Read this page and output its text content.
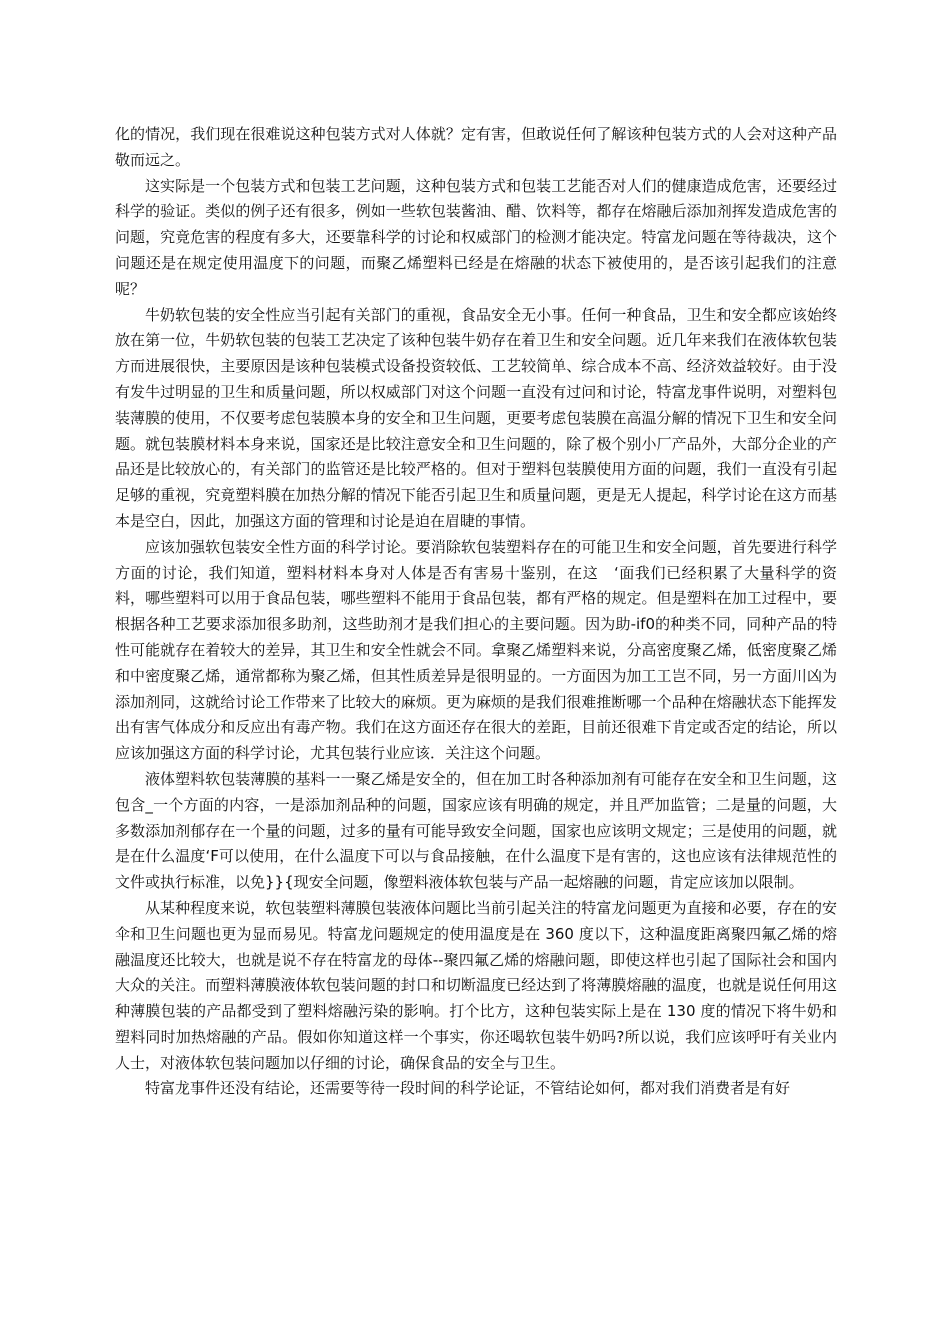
化的情况，我们现在很难说这种包装方式对人体就？定有害，但敢说任何了解该种包装方式的人会对这种产品敬而远之。

这实际是一个包装方式和包装工艺问题，这种包装方式和包装工艺能否对人们的健康造成危害，还要经过科学的验证。类似的例子还有很多，例如一些软包装酱油、醋、饮料等，都存在熔融后添加剂挥发造成危害的问题，究竟危害的程度有多大，还要靠科学的讨论和权威部门的检测才能决定。特富龙问题在等待裁决，这个问题还是在规定使用温度下的问题，而聚乙烯塑料已经是在熔融的状态下被使用的，是否该引起我们的注意呢？

牛奶软包装的安全性应当引起有关部门的重视，食品安全无小事。任何一种食品，卫生和安全都应该始终放在第一位，牛奶软包装的包装工艺决定了该种包装牛奶存在着卫生和安全问题。近几年来我们在液体软包装方而进展很快，主要原因是该种包装模式设备投资较低、工艺较简单、综合成本不高、经济效益较好。由于没有发牛过明显的卫生和质量问题，所以权威部门对这个问题一直没有过问和讨论，特富龙事件说明，对塑料包装薄膜的使用，不仅要考虑包装膜本身的安全和卫生问题，更要考虑包装膜在高温分解的情况下卫生和安全问题。就包装膜材料本身来说，国家还是比较注意安全和卫生问题的，除了极个别小厂产品外，大部分企业的产品还是比较放心的，有关部门的监管还是比较严格的。但对于塑料包装膜使用方面的问题，我们一直没有引起足够的重视，究竟塑料膜在加热分解的情况下能否引起卫生和质量问题，更是无人提起，科学讨论在这方而基本是空白，因此，加强这方面的管理和讨论是迫在眉睫的事情。

应该加强软包装安全性方面的科学讨论。要消除软包装塑料存在的可能卫生和安全问题，首先要进行科学方面的讨论，我们知道，塑料材料本身对人体是否有害易十鉴别，在这　‘面我们已经积累了大量科学的资料，哪些塑料可以用于食品包装，哪些塑料不能用于食品包装，都有严格的规定。但是塑料在加工过程中，要根据各种工艺要求添加很多助剂，这些助剂才是我们担心的主要问题。因为助-if0的种类不同，同种产品的特性可能就存在着较大的差异，其卫生和安全性就会不同。拿聚乙烯塑料来说，分高密度聚乙烯，低密度聚乙烯和中密度聚乙烯，通常都称为聚乙烯，但其性质差异是很明显的。一方面因为加工工岂不同，另一方面川凶为添加剂同，这就给讨论工作带来了比较大的麻烦。更为麻烦的是我们很难推断哪一个品种在熔融状态下能挥发出有害气体成分和反应出有毒产物。我们在这方面还存在很大的差距，目前还很难下肯定或否定的结论，所以应该加强这方面的科学讨论，尤其包装行业应该．关注这个问题。

液体塑料软包装薄膜的基料一一聚乙烯是安全的，但在加工时各种添加剂有可能存在安全和卫生问题，这包含_一个方面的内容，一是添加剂品种的问题，国家应该有明确的规定，并且严加监管；二是量的问题，大多数添加剂郁存在一个量的问题，过多的量有可能导致安全问题，国家也应该明文规定；三是使用的问题，就是在什么温度‘F可以使用，在什么温度下可以与食品接触，在什么温度下是有害的，这也应该有法律规范性的文件或执行标准，以免}}{现安全问题，像塑料液体软包装与产品一起熔融的问题，肯定应该加以限制。

从某种程度来说，软包装塑料薄膜包装液体问题比当前引起关注的特富龙问题更为直接和必要，存在的安伞和卫生问题也更为显而易见。特富龙问题规定的使用温度是在 360 度以下，这种温度距离聚四氟乙烯的熔融温度还比较大，也就是说不存在特富龙的母体--聚四氟乙烯的熔融问题，即使这样也引起了国际社会和国内大众的关注。而塑料薄膜液体软包装问题的封口和切断温度已经达到了将薄膜熔融的温度，也就是说任何用这种薄膜包装的产品都受到了塑料熔融污染的影响。打个比方，这种包装实际上是在 130 度的情况下将牛奶和塑料同时加热熔融的产品。假如你知道这样一个事实，你还喝软包装牛奶吗?所以说，我们应该呼吁有关业内人士，对液体软包装问题加以仔细的讨论，确保食品的安全与卫生。

特富龙事件还没有结论，还需要等待一段时间的科学论证，不管结论如何，都对我们消费者是有好
